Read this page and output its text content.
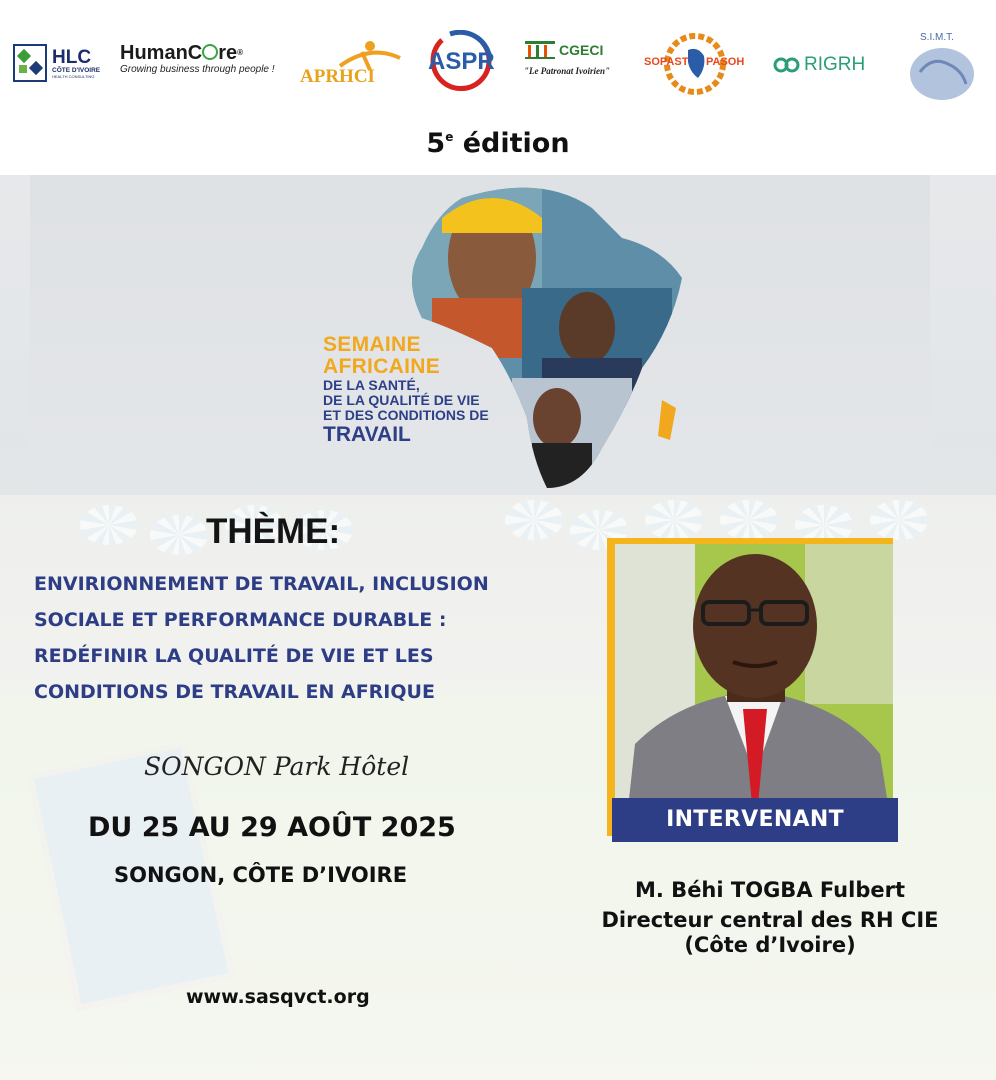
HLC
CÔTE D'IVOIRE
HEALTH CONSULTING
HumanC re®
Growing business through people ! APRHCI
ASPR	CGECI
"Le Patronat Ivoirien"
SOPAST PASOH	RIGRH
S.I.M.T.
5e édition
SEMAINE
AFRICAINE
DE LA SANTÉ,
DE LA QUALITÉ DE VIE
ET DES CONDITIONS DE
TRAVAIL
THÈME:
ENVIRIONNEMENT DE TRAVAIL, INCLUSION
SOCIALE ET PERFORMANCE DURABLE :
REDÉFINIR LA QUALITÉ DE VIE ET LES
CONDITIONS DE TRAVAIL EN AFRIQUE
SONGON Park Hôtel
DU 25 AU 29 AOÛT 2025
SONGON, CÔTE D’IVOIRE
www.sasqvct.org
INTERVENANT
M. Béhi TOGBA Fulbert
Directeur central des RH CIE
(Côte d’Ivoire)
